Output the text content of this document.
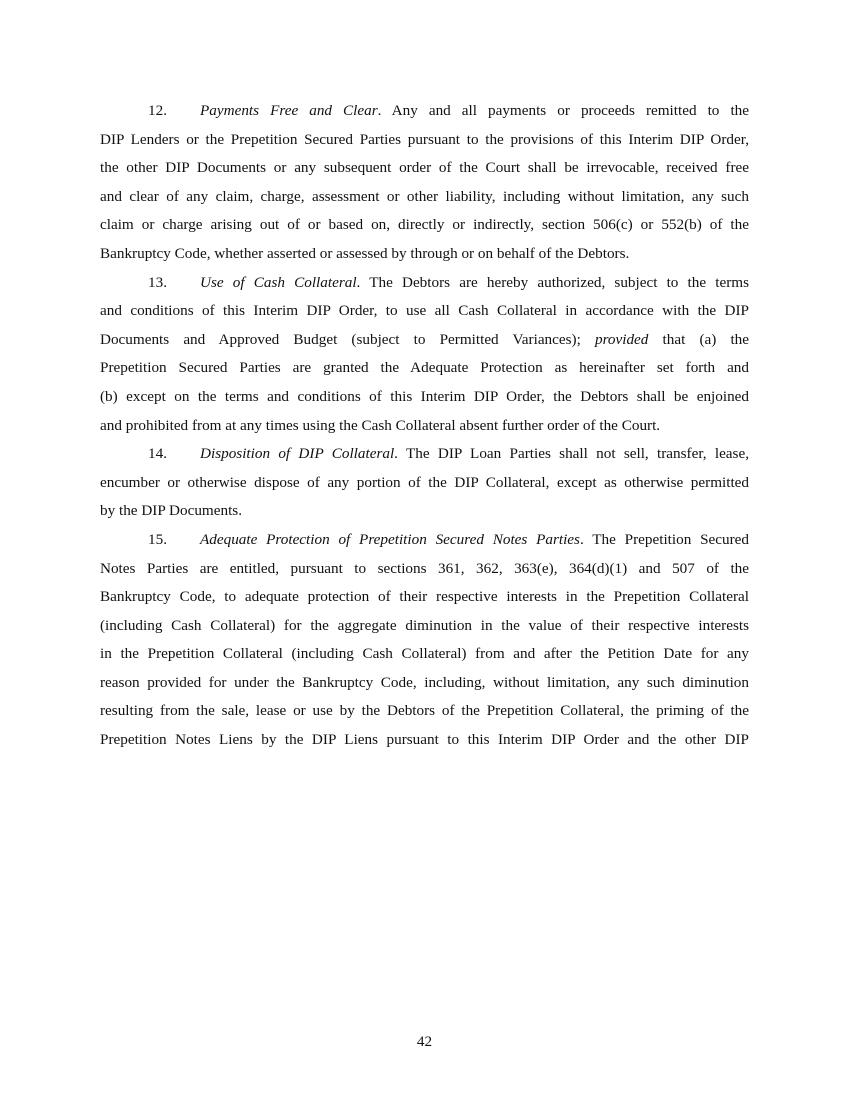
12. Payments Free and Clear. Any and all payments or proceeds remitted to the
DIP Lenders or the Prepetition Secured Parties pursuant to the provisions of this Interim DIP Order,
the other DIP Documents or any subsequent order of the Court shall be irrevocable, received free
and clear of any claim, charge, assessment or other liability, including without limitation, any such
claim or charge arising out of or based on, directly or indirectly, section 506(c) or 552(b) of the
Bankruptcy Code, whether asserted or assessed by through or on behalf of the Debtors.
13. Use of Cash Collateral. The Debtors are hereby authorized, subject to the terms
and conditions of this Interim DIP Order, to use all Cash Collateral in accordance with the DIP
Documents and Approved Budget (subject to Permitted Variances); provided that (a) the
Prepetition Secured Parties are granted the Adequate Protection as hereinafter set forth and
(b) except on the terms and conditions of this Interim DIP Order, the Debtors shall be enjoined
and prohibited from at any times using the Cash Collateral absent further order of the Court.
14. Disposition of DIP Collateral. The DIP Loan Parties shall not sell, transfer, lease,
encumber or otherwise dispose of any portion of the DIP Collateral, except as otherwise permitted
by the DIP Documents.
15. Adequate Protection of Prepetition Secured Notes Parties. The Prepetition Secured
Notes Parties are entitled, pursuant to sections 361, 362, 363(e), 364(d)(1) and 507 of the
Bankruptcy Code, to adequate protection of their respective interests in the Prepetition Collateral
(including Cash Collateral) for the aggregate diminution in the value of their respective interests
in the Prepetition Collateral (including Cash Collateral) from and after the Petition Date for any
reason provided for under the Bankruptcy Code, including, without limitation, any such diminution
resulting from the sale, lease or use by the Debtors of the Prepetition Collateral, the priming of the
Prepetition Notes Liens by the DIP Liens pursuant to this Interim DIP Order and the other DIP
42
